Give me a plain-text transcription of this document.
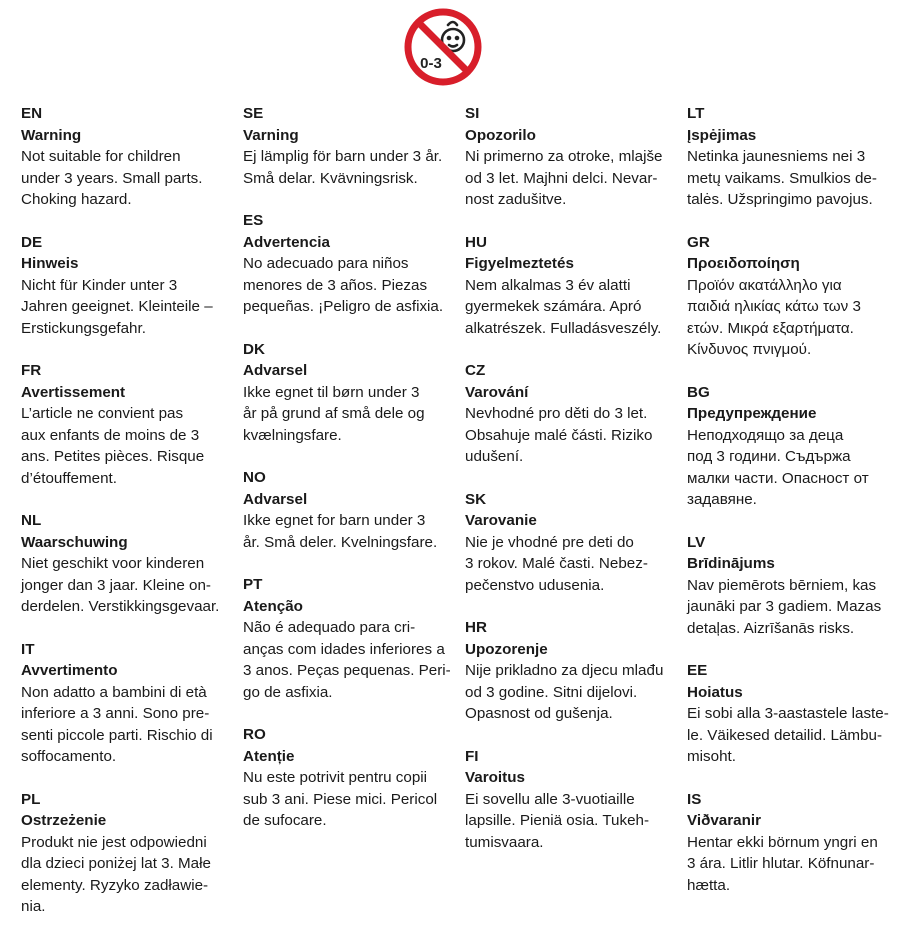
0-3
EN
Warning
Not suitable for children
under 3 years. Small parts.
Choking hazard.
DE
Hinweis
Nicht für Kinder unter 3
Jahren geeignet. Kleinteile –
Erstickungsgefahr.
FR
Avertissement
L’article ne convient pas
aux enfants de moins de 3
ans. Petites pièces. Risque
d’étouffement.
NL
Waarschuwing
Niet geschikt voor kinderen
jonger dan 3 jaar. Kleine on-
derdelen. Verstikkingsgevaar.
IT
Avvertimento
Non adatto a bambini di età
inferiore a 3 anni. Sono pre-
senti piccole parti. Rischio di
soffocamento.
PL
Ostrzeżenie
Produkt nie jest odpowiedni
dla dzieci poniżej lat 3. Małe
elementy. Ryzyko zadławie-
nia.
SE
Varning
Ej lämplig för barn under 3 år.
Små delar. Kvävningsrisk.
ES
Advertencia
No adecuado para niños
menores de 3 años. Piezas
pequeñas. ¡Peligro de asfixia.
DK
Advarsel
Ikke egnet til børn under 3
år på grund af små dele og
kvælningsfare.
NO
Advarsel
Ikke egnet for barn under 3
år. Små deler. Kvelningsfare.
PT
Atenção
Não é adequado para cri-
anças com idades inferiores a
3 anos. Peças pequenas. Peri-
go de asfixia.
RO
Atenție
Nu este potrivit pentru copii
sub 3 ani. Piese mici. Pericol
de sufocare.
SI
Opozorilo
Ni primerno za otroke, mlajše
od 3 let. Majhni delci. Nevar-
nost zadušitve.
HU
Figyelmeztetés
Nem alkalmas 3 év alatti
gyermekek számára. Apró
alkatrészek. Fulladásveszély.
CZ
Varování
Nevhodné pro děti do 3 let.
Obsahuje malé části. Riziko
udušení.
SK
Varovanie
Nie je vhodné pre deti do
3 rokov. Malé časti. Nebez-
pečenstvo udusenia.
HR
Upozorenje
Nije prikladno za djecu mlađu
od 3 godine. Sitni dijelovi.
Opasnost od gušenja.
FI
Varoitus
Ei sovellu alle 3-vuotiaille
lapsille. Pieniä osia. Tukeh-
tumisvaara.
LT
Įspėjimas
Netinka jaunesniems nei 3
metų vaikams. Smulkios de-
talės. Užspringimo pavojus.
GR
Προειδοποίηση
Προϊόν ακατάλληλο για
παιδιά ηλικίας κάτω των 3
ετών. Μικρά εξαρτήματα.
Κίνδυνος πνιγμού.
BG
Предупреждение
Неподходящо за деца
под 3 години. Съдържа
малки части. Опасност от
задавяне.
LV
Brīdinājums
Nav piemērots bērniem, kas
jaunāki par 3 gadiem. Mazas
detaļas. Aizrīšanās risks.
EE
Hoiatus
Ei sobi alla 3-aastastele laste-
le. Väikesed detailid. Lämbu-
misoht.
IS
Viðvaranir
Hentar ekki börnum yngri en
3 ára. Litlir hlutar. Köfnunar-
hætta.
